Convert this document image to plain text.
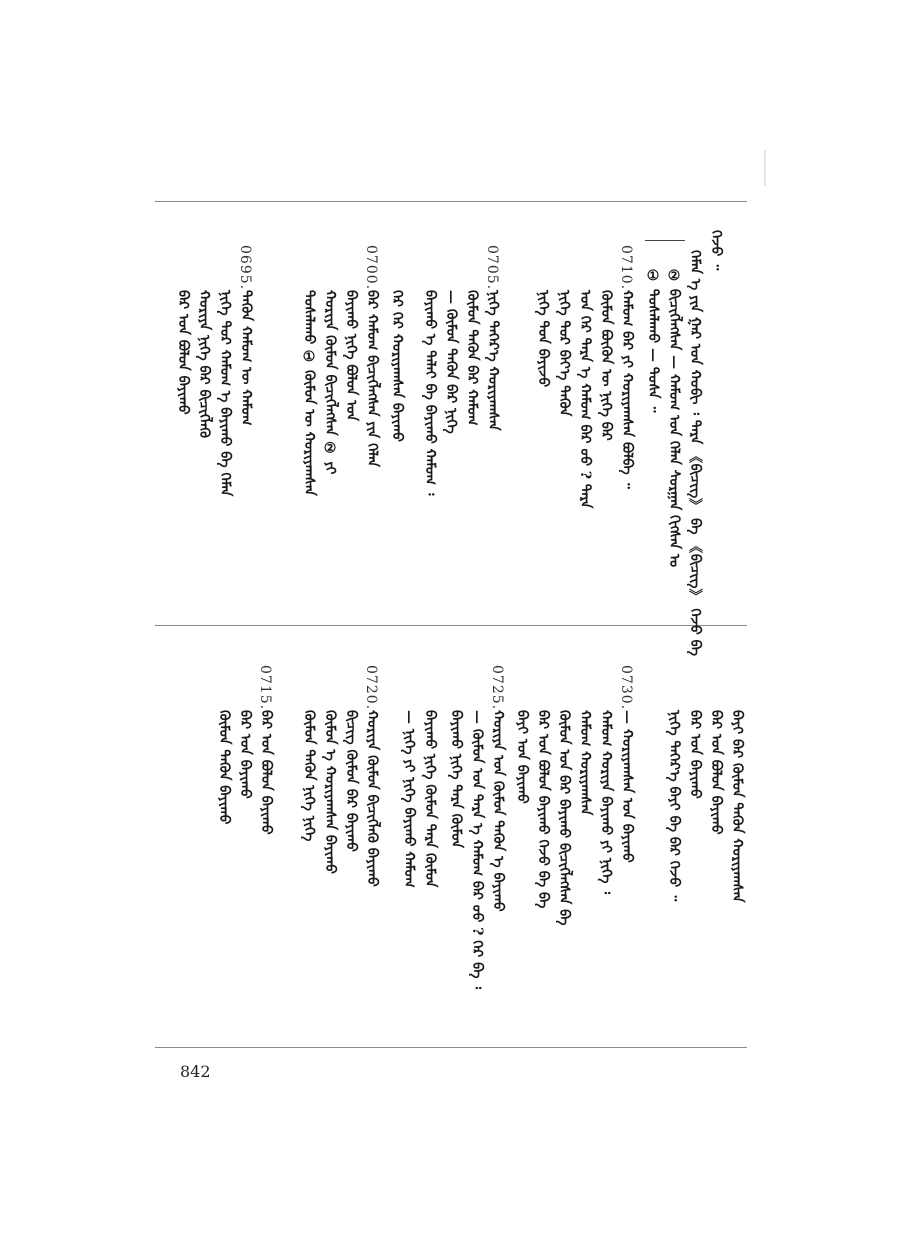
ᠭᠡᠵᠦ ᠃

ᠬᠡᠮᠡᠨ ᠡ ᠶᠢᠨ ᠭᠠᠷ ᠤᠨ ᠬᠤᠪᠢ ᠄ ᠲᠡᠷᠡ 《ᠪᠢᠴᠢᠭ》 ᠪᠠ 《ᠪᠢᠴᠢᠭ》 ᠭᠡᠵᠦ ᠪᠠ

② ᠪᠢᠴᠢᠭᠯᠡᠭᠰᠡᠨ — ᠬᠠᠮᠤᠭ ᠤᠨ ᠬᠡᠯᠡᠨ ᠰᠤᠷᠭᠠᠨ ᠬᠢᠭᠰᠡᠨ ᠤ

① ᠲᠤᠰᠠᠯᠠᠬᠤ — ᠲᠤᠰᠠ ᠃

0710.

0705.

0700.

0695.

ᠬᠠᠮᠤᠭ ᠪᠠᠷ ᠶᠢ ᠬᠤᠷᠢᠶᠠᠭᠰᠠᠨ ᠪᠤᠯᠪᠠ ᠃

ᠬᠦᠮᠦᠨ ᠪᠦᠬᠦᠨ ᠦ ᠨᠢᠭᠡ ᠪᠠᠷ

ᠤᠨ ᠭᠡᠷ ᠲᠡᠷᠡ ᠡ ᠬᠠᠮᠤᠭ ᠪᠠᠷ ᠤᠤ ? ᠲᠡᠷᠡ

ᠨᠢᠭᠡ ᠳᠤᠷ ᠪᠡᠶ᠎ᠡ ᠲᠡᠭᠦᠨ

ᠨᠢᠭᠡ ᠳᠤᠨ ᠪᠠᠶᠢᠵᠤ

ᠨᠢᠭᠡ ᠳᠡᠭᠡᠷ᠎ᠡ ᠬᠤᠷᠢᠶᠠᠭᠰᠠᠨ

ᠬᠦᠮᠦᠨ ᠲᠡᠭᠦᠨ ᠪᠠᠷ ᠬᠠᠮᠤᠭ

— ᠬᠦᠮᠦᠨ ᠲᠡᠭᠦᠨ ᠪᠠᠷ ᠨᠢᠭᠡ

ᠪᠠᠶᠢᠬᠤ ᠡ ᠳᠠᠯᠠᠢ ᠪᠠ ᠪᠠᠶᠢᠬᠤ ᠬᠠᠮᠤᠭ ᠄

ᠭᠡᠷ ᠭᠡᠷ ᠬᠤᠷᠢᠶᠠᠭᠰᠠᠨ ᠪᠠᠶᠢᠬᠤ

ᠪᠠᠷ ᠬᠠᠮᠤᠭ ᠪᠢᠴᠢᠭᠯᠡᠭᠰᠡᠨ ᠶᠢᠨ ᠬᠡᠯᠡᠨ

ᠪᠠᠶᠢᠬᠤ ᠨᠢᠭᠡ ᠪᠤᠯᠤᠨ ᠤᠨ

ᠬᠤᠷᠢᠶᠠ ᠬᠦᠮᠦᠨ ᠪᠢᠴᠢᠭᠯᠡᠭᠰᠡᠨ ② ᠶᠢ

ᠲᠤᠰᠠᠯᠠᠬᠤ ① ᠬᠦᠮᠦᠨ ᠦ ᠬᠤᠷᠢᠶᠠᠭᠰᠠᠨ

ᠲᠡᠭᠦᠨ ᠬᠠᠮᠤᠭ ᠦ ᠬᠠᠮᠤᠭ

ᠨᠢᠭᠡ ᠳᠤᠷ ᠬᠠᠮᠤᠭ ᠡ ᠪᠠᠶᠢᠬᠤ ᠪᠠ ᠬᠡᠮᠡᠨ

ᠬᠤᠷᠢᠶᠠ ᠨᠢᠭᠡ ᠪᠠᠷ ᠪᠢᠴᠢᠭᠯᠡᠬᠦ

ᠪᠠᠷ ᠤᠨ ᠪᠤᠯᠤᠨ ᠪᠠᠶᠢᠬᠤ

0730.

0725.

0720.

0715.

ᠪᠠᠶᠢ ᠪᠠᠷ ᠬᠦᠮᠦᠨ ᠲᠡᠭᠦᠨ ᠬᠤᠷᠢᠶᠠᠭᠰᠠᠨ

ᠪᠠᠷ ᠤᠨ ᠪᠤᠯᠤᠨ ᠪᠠᠶᠢᠬᠤ

ᠪᠠᠷ ᠤᠨ ᠪᠠᠶᠢᠬᠤ

ᠨᠢᠭᠡ ᠳᠡᠭᠡᠷ᠎ᠡ ᠪᠠᠶᠢ ᠪᠠ ᠪᠠᠷ ᠭᠡᠵᠦ ᠃

— ᠬᠤᠷᠢᠶᠠᠭᠰᠠᠨ ᠤᠨ ᠪᠠᠶᠢᠬᠤ

ᠬᠠᠮᠤᠭ ᠬᠤᠷᠢᠶᠠ ᠪᠠᠶᠢᠬᠤ ᠶᠢ ᠨᠢᠭᠡ ᠄

ᠬᠠᠮᠤᠭ ᠬᠤᠷᠢᠶᠠᠭᠰᠠᠨ

ᠬᠦᠮᠦᠨ ᠤᠨ ᠪᠠᠷ ᠪᠠᠶᠢᠬᠤ ᠪᠢᠴᠢᠭᠯᠡᠭᠰᠡᠨ ᠪᠠ

ᠪᠠᠷ ᠤᠨ ᠪᠤᠯᠤᠨ ᠪᠠᠶᠢᠬᠤ ᠭᠡᠵᠦ ᠪᠠ ᠪᠠ

ᠪᠠᠶᠢ ᠤᠨ ᠪᠠᠶᠢᠬᠤ

ᠬᠤᠷᠢᠶᠠ ᠤᠨ ᠬᠦᠮᠦᠨ ᠲᠡᠭᠦᠨ ᠡ ᠪᠠᠶᠢᠬᠤ

— ᠬᠦᠮᠦᠨ ᠤᠨ ᠲᠡᠷᠡ ᠡ ᠬᠠᠮᠤᠭ ᠪᠠᠷ ᠤᠤ ? ᠭᠡᠷ ᠪᠠ ᠄

ᠪᠠᠶᠢᠬᠤ ᠨᠢᠭᠡ ᠲᠡᠷᠡ ᠬᠦᠮᠦᠨ

ᠪᠠᠶᠢᠬᠤ ᠨᠢᠭᠡ ᠬᠦᠮᠦᠨ ᠲᠡᠷᠡ ᠬᠦᠮᠦᠨ

— ᠨᠢᠭᠡ ᠶᠢ ᠨᠢᠭᠡ ᠪᠠᠶᠢᠬᠤ ᠬᠠᠮᠤᠭ

ᠬᠤᠷᠢᠶᠠ ᠬᠦᠮᠦᠨ ᠪᠢᠴᠢᠭᠯᠡᠬᠦ ᠪᠠᠶᠢᠬᠤ

ᠪᠢᠴᠢᠭ ᠬᠦᠮᠦᠨ ᠪᠠᠷ ᠪᠠᠶᠢᠬᠤ

ᠬᠦᠮᠦᠨ ᠡ ᠬᠤᠷᠢᠶᠠᠭᠰᠠᠨ ᠪᠠᠶᠢᠬᠤ

ᠬᠦᠮᠦᠨ ᠲᠡᠭᠦᠨ ᠨᠢᠭᠡ ᠨᠢᠭᠡ

ᠪᠠᠷ ᠤᠨ ᠪᠤᠯᠤᠨ ᠪᠠᠶᠢᠬᠤ

ᠪᠠᠷ ᠤᠨ ᠪᠠᠶᠢᠬᠤ

ᠬᠦᠮᠦᠨ ᠲᠡᠭᠦᠨ ᠪᠠᠶᠢᠬᠤ

842
